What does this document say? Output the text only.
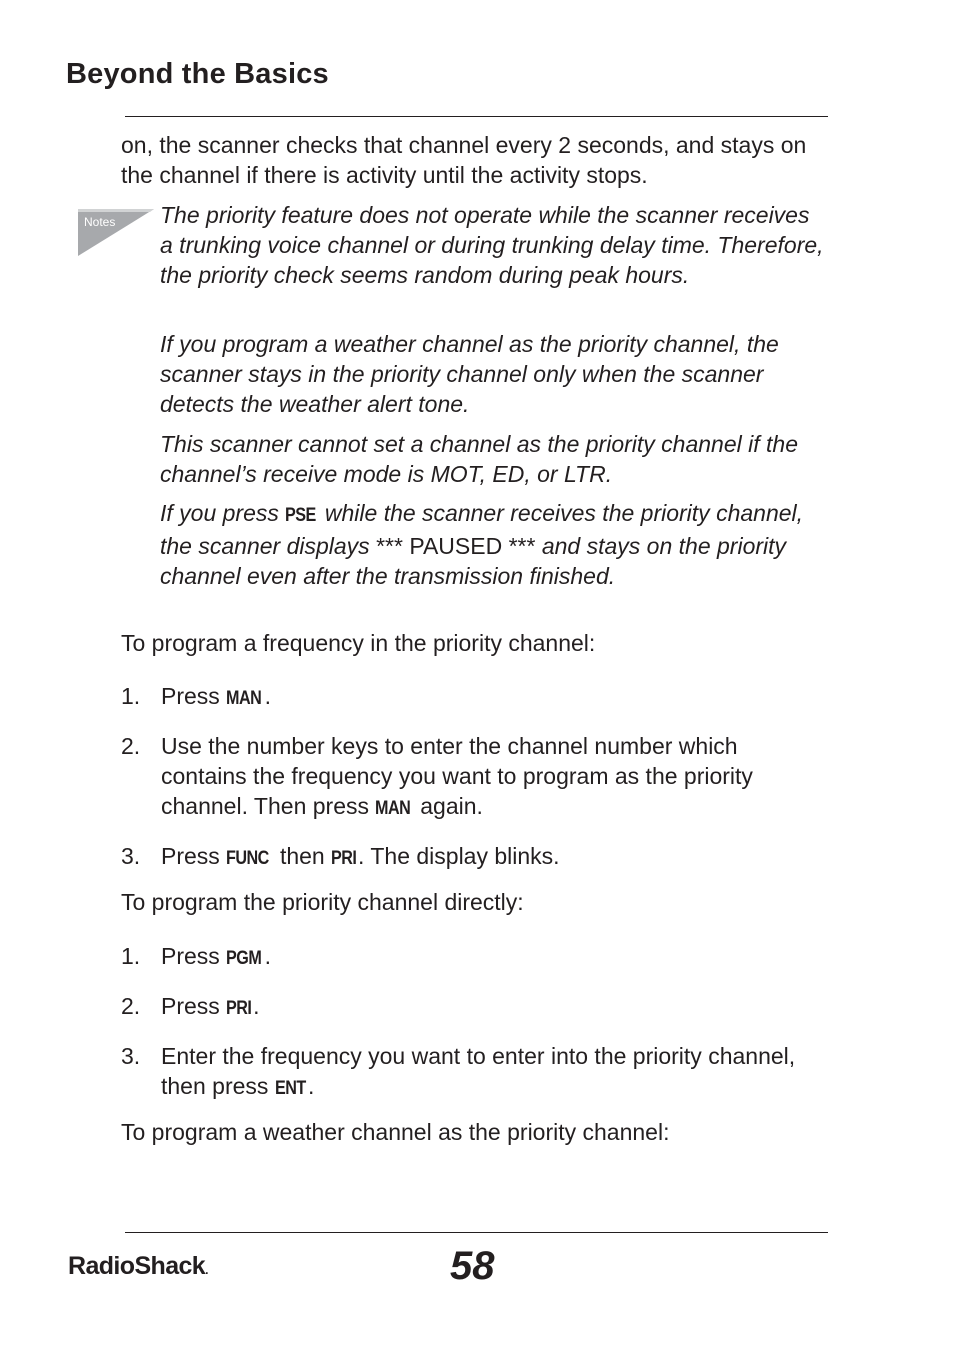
Beyond the Basics
on, the scanner checks that channel every 2 seconds, and stays on the channel if there is activity until the activity stops.
Notes The priority feature does not operate while the scanner receives a trunking voice channel or during trunking delay time. Therefore, the priority check seems random during peak hours.
If you program a weather channel as the priority channel, the scanner stays in the priority channel only when the scanner detects the weather alert tone.
This scanner cannot set a channel as the priority channel if the channel’s receive mode is MOT, ED, or LTR.
If you press PSE while the scanner receives the priority channel, the scanner displays *** PAUSED *** and stays on the priority channel even after the transmission finished.
To program a frequency in the priority channel:
1. Press MAN .
2. Use the number keys to enter the channel number which contains the frequency you want to program as the priority channel. Then press MAN again.
3. Press FUNC then PRI. The display blinks.
To program the priority channel directly:
1. Press PGM .
2. Press PRI.
3. Enter the frequency you want to enter into the priority channel, then press ENT .
To program a weather channel as the priority channel:
RadioShack.	58
